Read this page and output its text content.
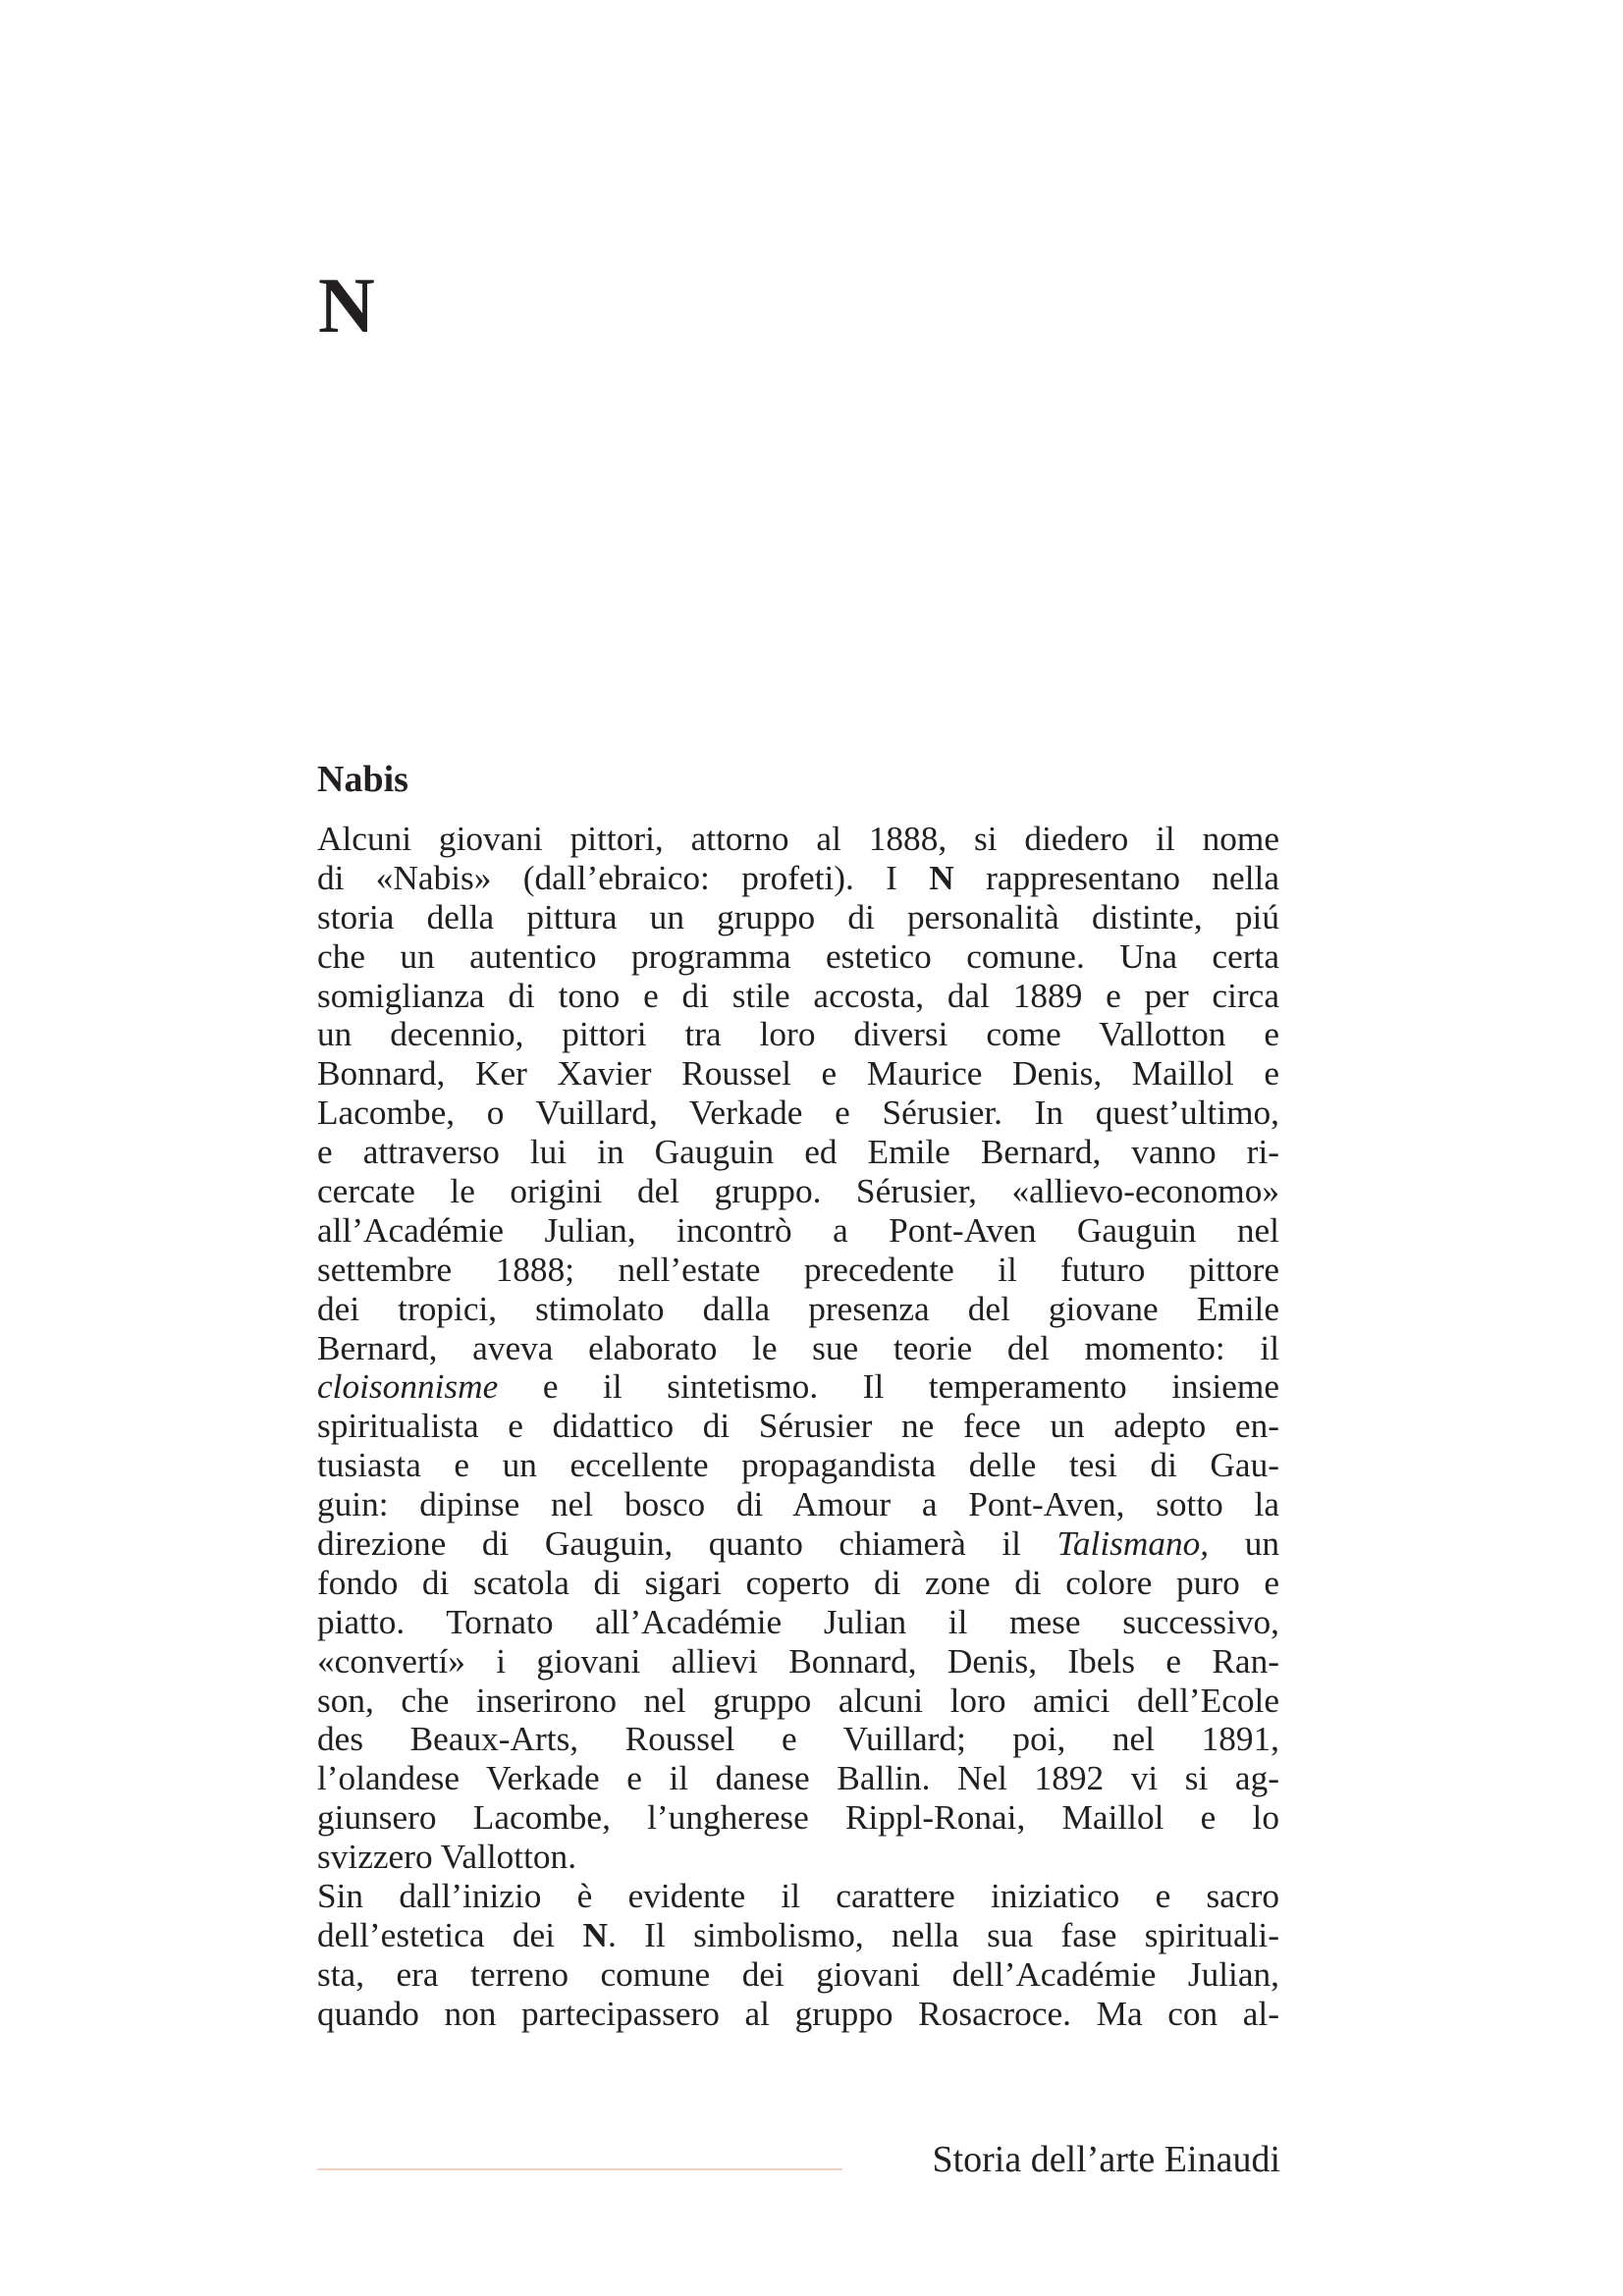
N
Nabis
Alcuni giovani pittori, attorno al 1888, si diedero il nome
di «Nabis» (dall’ebraico: profeti). I N rappresentano nella
storia della pittura un gruppo di personalità distinte, piú
che un autentico programma estetico comune. Una certa
somiglianza di tono e di stile accosta, dal 1889 e per circa
un decennio, pittori tra loro diversi come Vallotton e
Bonnard, Ker Xavier Roussel e Maurice Denis, Maillol e
Lacombe, o Vuillard, Verkade e Sérusier. In quest’ultimo,
e attraverso lui in Gauguin ed Emile Bernard, vanno ri-
cercate le origini del gruppo. Sérusier, «allievo-economo»
all’Académie Julian, incontrò a Pont-Aven Gauguin nel
settembre 1888; nell’estate precedente il futuro pittore
dei tropici, stimolato dalla presenza del giovane Emile
Bernard, aveva elaborato le sue teorie del momento: il
cloisonnisme e il sintetismo. Il temperamento insieme
spiritualista e didattico di Sérusier ne fece un adepto en-
tusiasta e un eccellente propagandista delle tesi di Gau-
guin: dipinse nel bosco di Amour a Pont-Aven, sotto la
direzione di Gauguin, quanto chiamerà il Talismano, un
fondo di scatola di sigari coperto di zone di colore puro e
piatto. Tornato all’Académie Julian il mese successivo,
«convertí» i giovani allievi Bonnard, Denis, Ibels e Ran-
son, che inserirono nel gruppo alcuni loro amici dell’Ecole
des Beaux-Arts, Roussel e Vuillard; poi, nel 1891,
l’olandese Verkade e il danese Ballin. Nel 1892 vi si ag-
giunsero Lacombe, l’ungherese Rippl-Ronai, Maillol e lo
svizzero Vallotton.
Sin dall’inizio è evidente il carattere iniziatico e sacro
dell’estetica dei N. Il simbolismo, nella sua fase spirituali-
sta, era terreno comune dei giovani dell’Académie Julian,
quando non partecipassero al gruppo Rosacroce. Ma con al-
Storia dell’arte Einaudi
